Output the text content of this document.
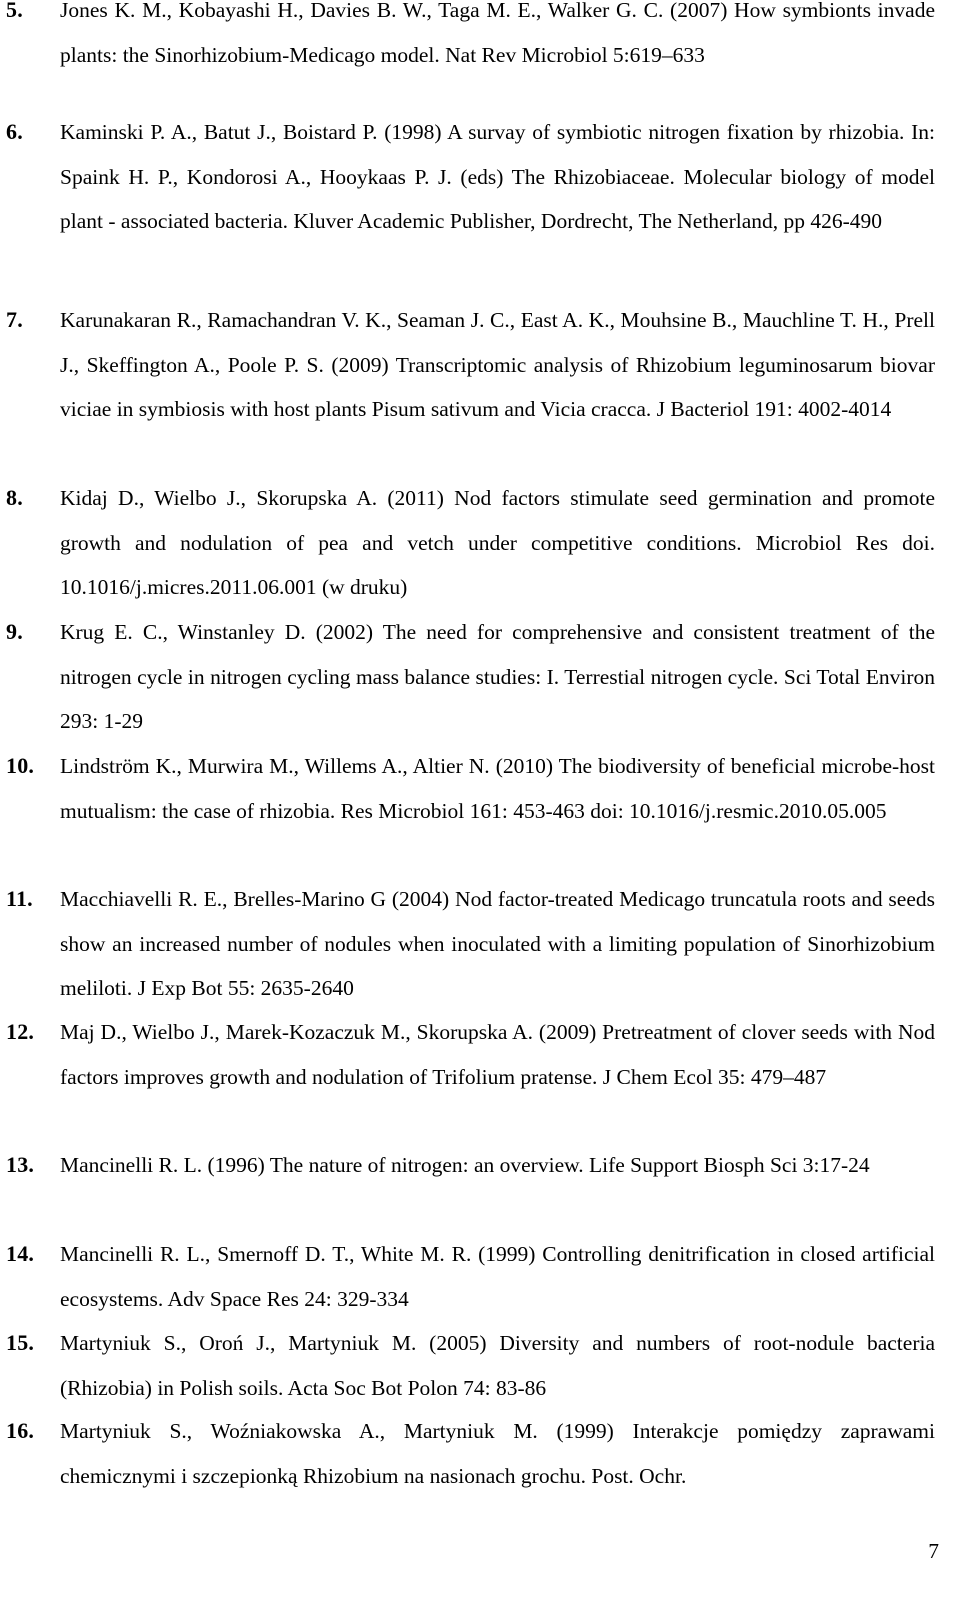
5. Jones K. M., Kobayashi H., Davies B. W., Taga M. E., Walker G. C. (2007) How symbionts invade plants: the Sinorhizobium-Medicago model. Nat Rev Microbiol 5:619–633
6. Kaminski P. A., Batut J., Boistard P. (1998) A survay of symbiotic nitrogen fixation by rhizobia. In: Spaink H. P., Kondorosi A., Hooykaas P. J. (eds) The Rhizobiaceae. Molecular biology of model plant - associated bacteria. Kluver Academic Publisher, Dordrecht, The Netherland, pp 426-490
7. Karunakaran R., Ramachandran V. K., Seaman J. C., East A. K., Mouhsine B., Mauchline T. H., Prell J., Skeffington A., Poole P. S. (2009) Transcriptomic analysis of Rhizobium leguminosarum biovar viciae in symbiosis with host plants Pisum sativum and Vicia cracca. J Bacteriol 191: 4002-4014
8. Kidaj D., Wielbo J., Skorupska A. (2011) Nod factors stimulate seed germination and promote growth and nodulation of pea and vetch under competitive conditions. Microbiol Res doi. 10.1016/j.micres.2011.06.001 (w druku)
9. Krug E. C., Winstanley D. (2002) The need for comprehensive and consistent treatment of the nitrogen cycle in nitrogen cycling mass balance studies: I. Terrestial nitrogen cycle. Sci Total Environ 293: 1-29
10. Lindström K., Murwira M., Willems A., Altier N. (2010) The biodiversity of beneficial microbe-host mutualism: the case of rhizobia. Res Microbiol 161: 453-463 doi: 10.1016/j.resmic.2010.05.005
11. Macchiavelli R. E., Brelles-Marino G (2004) Nod factor-treated Medicago truncatula roots and seeds show an increased number of nodules when inoculated with a limiting population of Sinorhizobium meliloti. J Exp Bot 55: 2635-2640
12. Maj D., Wielbo J., Marek-Kozaczuk M., Skorupska A. (2009) Pretreatment of clover seeds with Nod factors improves growth and nodulation of Trifolium pratense. J Chem Ecol 35: 479–487
13. Mancinelli R. L. (1996) The nature of nitrogen: an overview. Life Support Biosph Sci 3:17-24
14. Mancinelli R. L., Smernoff D. T., White M. R. (1999) Controlling denitrification in closed artificial ecosystems. Adv Space Res 24: 329-334
15. Martyniuk S., Oroń J., Martyniuk M. (2005) Diversity and numbers of root-nodule bacteria (Rhizobia) in Polish soils. Acta Soc Bot Polon 74: 83-86
16. Martyniuk S., Woźniakowska A., Martyniuk M. (1999) Interakcje pomiędzy zaprawami chemicznymi i szczepionką Rhizobium na nasionach grochu. Post. Ochr.
7
